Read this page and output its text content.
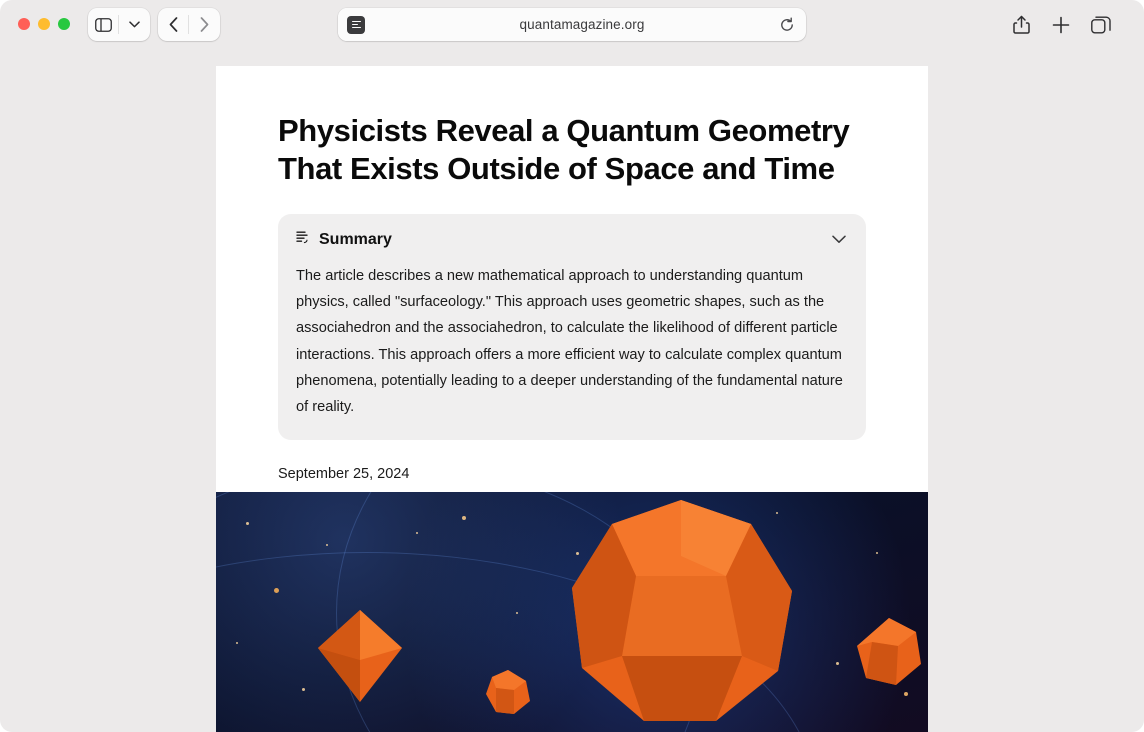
quantamagazine.org
Physicists Reveal a Quantum Geometry That Exists Outside of Space and Time
Summary

The article describes a new mathematical approach to understanding quantum physics, called "surfaceology." This approach uses geometric shapes, such as the associahedron and the associahedron, to calculate the likelihood of different particle interactions. This approach offers a more efficient way to calculate complex quantum phenomena, potentially leading to a deeper understanding of the fundamental nature of reality.

September 25, 2024
